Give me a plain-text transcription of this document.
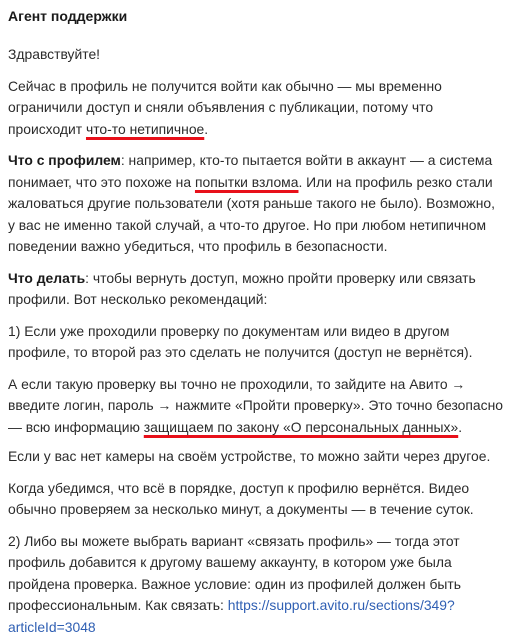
Агент поддержки

Здравствуйте!

Сейчас в профиль не получится войти как обычно — мы временно ограничили доступ и сняли объявления с публикации, потому что происходит что-то нетипичное.

Что с профилем: например, кто-то пытается войти в аккаунт — а система понимает, что это похоже на попытки взлома. Или на профиль резко стали жаловаться другие пользователи (хотя раньше такого не было). Возможно, у вас не именно такой случай, а что-то другое. Но при любом нетипичном поведении важно убедиться, что профиль в безопасности.

Что делать: чтобы вернуть доступ, можно пройти проверку или связать профили. Вот несколько рекомендаций:

1) Если уже проходили проверку по документам или видео в другом профиле, то второй раз это сделать не получится (доступ не вернётся).

А если такую проверку вы точно не проходили, то зайдите на Авито → введите логин, пароль → нажмите «Пройти проверку». Это точно безопасно — всю информацию защищаем по закону «О персональных данных».

Если у вас нет камеры на своём устройстве, то можно зайти через другое.

Когда убедимся, что всё в порядке, доступ к профилю вернётся. Видео обычно проверяем за несколько минут, а документы — в течение суток.

2) Либо вы можете выбрать вариант «связать профиль» — тогда этот профиль добавится к другому вашему аккаунту, в котором уже была пройдена проверка. Важное условие: один из профилей должен быть профессиональным. Как связать: https://support.avito.ru/sections/349?articleId=3048
